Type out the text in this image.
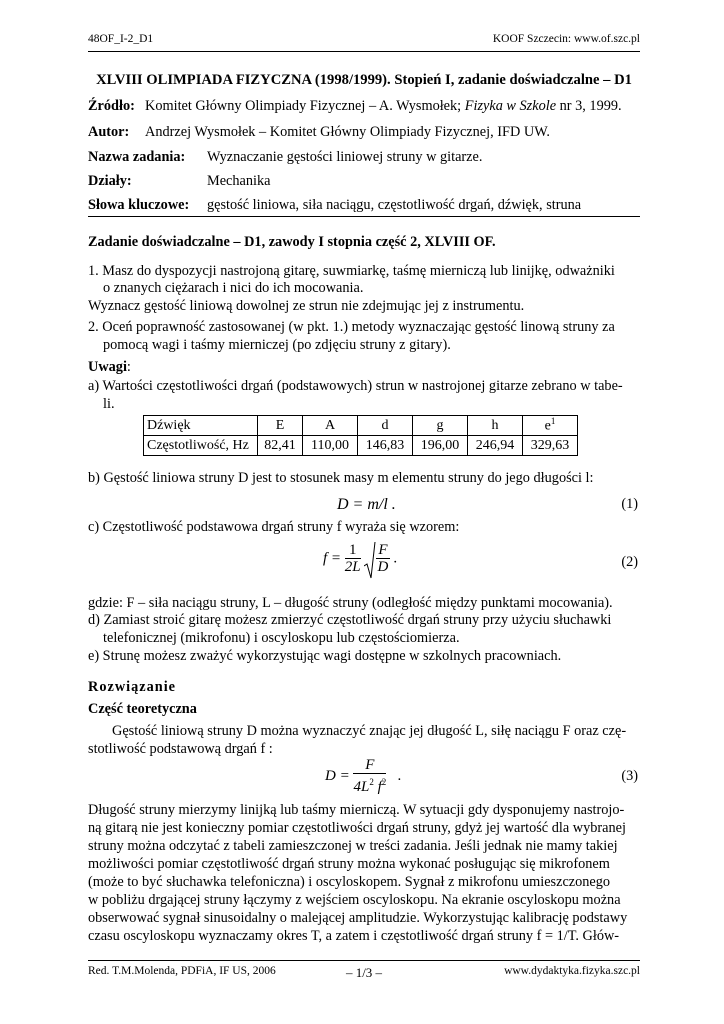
48OF_I-2_D1	KOOF Szczecin: www.of.szc.pl
XLVIII OLIMPIADA FIZYCZNA (1998/1999). Stopień I, zadanie doświadczalne – D1
Źródło: Komitet Główny Olimpiady Fizycznej – A. Wysmołek; Fizyka w Szkole nr 3, 1999.
Autor: Andrzej Wysmołek – Komitet Główny Olimpiady Fizycznej, IFD UW.
Nazwa zadania: Wyznaczanie gęstości liniowej struny w gitarze.
Działy:	Mechanika
Słowa kluczowe: gęstość liniowa, siła naciągu, częstotliwość drgań, dźwięk, struna
Zadanie doświadczalne – D1, zawody I stopnia część 2, XLVIII OF.
1. Masz do dyspozycji nastrojoną gitarę, suwmiarkę, taśmę mierniczą lub linijkę, odważniki
o znanych ciężarach i nici do ich mocowania.
Wyznacz gęstość liniową dowolnej ze strun nie zdejmując jej z instrumentu.
2. Oceń poprawność zastosowanej (w pkt. 1.) metody wyznaczając gęstość linową struny za
pomocą wagi i taśmy mierniczej (po zdjęciu struny z gitary).
Uwagi:
a) Wartości częstotliwości drgań (podstawowych) strun w nastrojonej gitarze zebrano w tabe-
li.
Dźwięk	E	A	d	g	h	$e^1$
Częstotliwość, Hz	82,41	110,00	146,83	196,00	246,94	329,63
b) Gęstość liniowa struny D jest to stosunek masy m elementu struny do jego długości l:
D = m/l .	(1)
c) Częstotliwość podstawowa drgań struny f wyraża się wzorem:
$f = \frac{1}{2L}$
$\frac{F}{D}$ .	(2)
gdzie: F – siła naciągu struny, L – długość struny (odległość między punktami mocowania).
d) Zamiast stroić gitarę możesz zmierzyć częstotliwość drgań struny przy użyciu słuchawki
telefonicznej (mikrofonu) i oscyloskopu lub częstościomierza.
e) Strunę możesz zważyć wykorzystując wagi dostępne w szkolnych pracowniach.
Rozwiązanie
Część teoretyczna
Gęstość liniową struny D można wyznaczyć znając jej długość L, siłę naciągu F oraz czę-
stotliwość podstawową drgań f :
$D = \frac{F}{4L^2 f^2}$ .	(3)
Długość struny mierzymy linijką lub taśmy mierniczą. W sytuacji gdy dysponujemy nastrojo-
ną gitarą nie jest konieczny pomiar częstotliwości drgań struny, gdyż jej wartość dla wybranej
struny można odczytać z tabeli zamieszczonej w treści zadania. Jeśli jednak nie mamy takiej
możliwości pomiar częstotliwość drgań struny można wykonać posługując się mikrofonem
(może to być słuchawka telefoniczna) i oscyloskopem. Sygnał z mikrofonu umieszczonego
w pobliżu drgającej struny łączymy z wejściem oscyloskopu. Na ekranie oscyloskopu można
obserwować sygnał sinusoidalny o malejącej amplitudzie. Wykorzystując kalibrację podstawy
czasu oscyloskopu wyznaczamy okres T, a zatem i częstotliwość drgań struny f = 1/T. Głów-
Red. T.M.Molenda, PDFiA, IF US, 2006	– 1/3 –	www.dydaktyka.fizyka.szc.pl
